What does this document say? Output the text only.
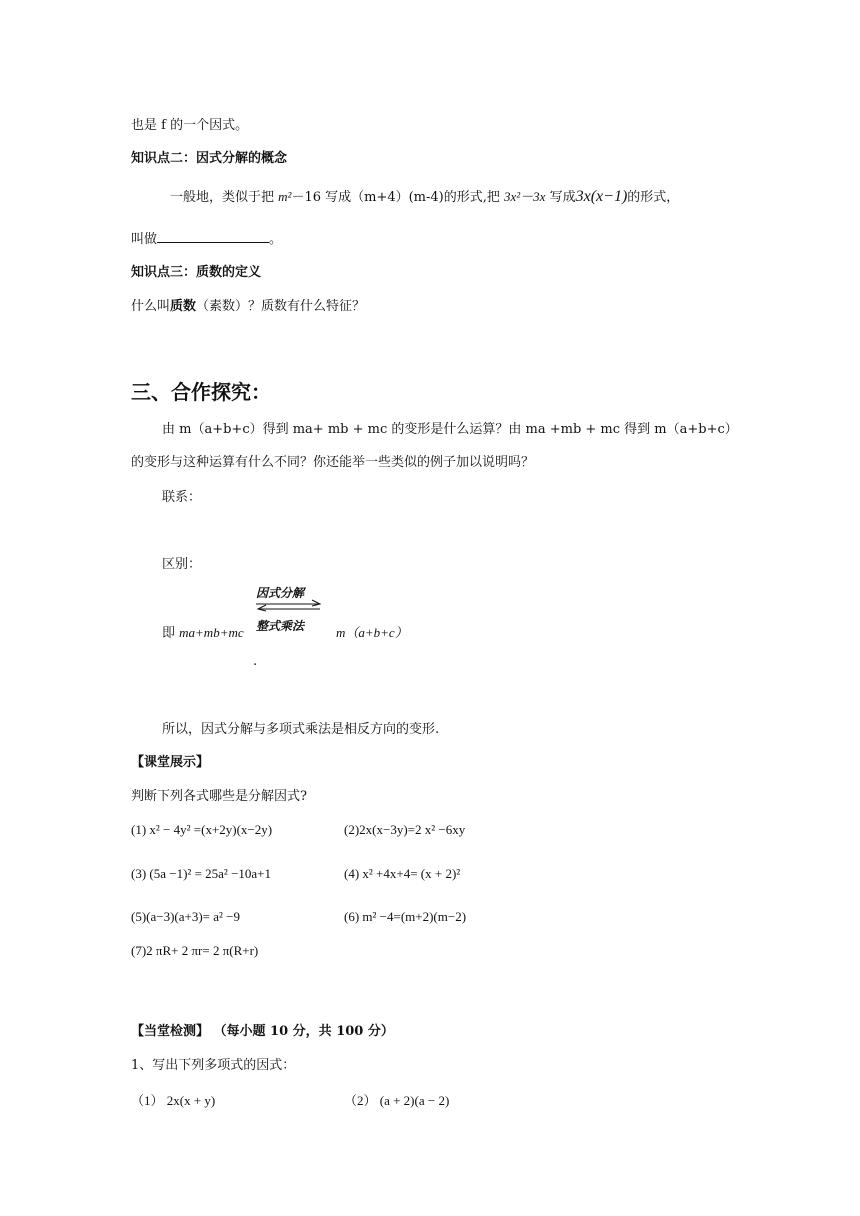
也是 f 的一个因式。
知识点二：因式分解的概念
一般地，类似于把 m²－16 写成（m+4）(m-4)的形式,把 3x²－3x 写成3x(x−1)的形式，
叫做	。
知识点三：质数的定义
什么叫质数（素数）？质数有什么特征？
三、合作探究：
由 m（a+b+c）得到 ma+ mb + mc 的变形是什么运算？由 ma +mb + mc 得到 m（a+b+c）
的变形与这种运算有什么不同？你还能举一些类似的例子加以说明吗？
联系：
区别：
即 ma+mb+mc
因式分解
整式乘法 m（a+b+c）
.
所以，因式分解与多项式乘法是相反方向的变形.
【课堂展示】
判断下列各式哪些是分解因式?
(1) x² − 4y² =(x+2y)(x−2y)	(2)2x(x−3y)=2 x² −6xy
(3) (5a −1)² = 25a² −10a+1	(4) x² +4x+4= (x + 2)²
(5)(a−3)(a+3)= a² −9	(6) m² −4=(m+2)(m−2)
(7)2 πR+ 2 πr= 2 π(R+r)
【当堂检测】 （每小题 10 分，共 100 分）
1、写出下列多项式的因式：
（1） 2x(x + y)	（2） (a + 2)(a − 2)
